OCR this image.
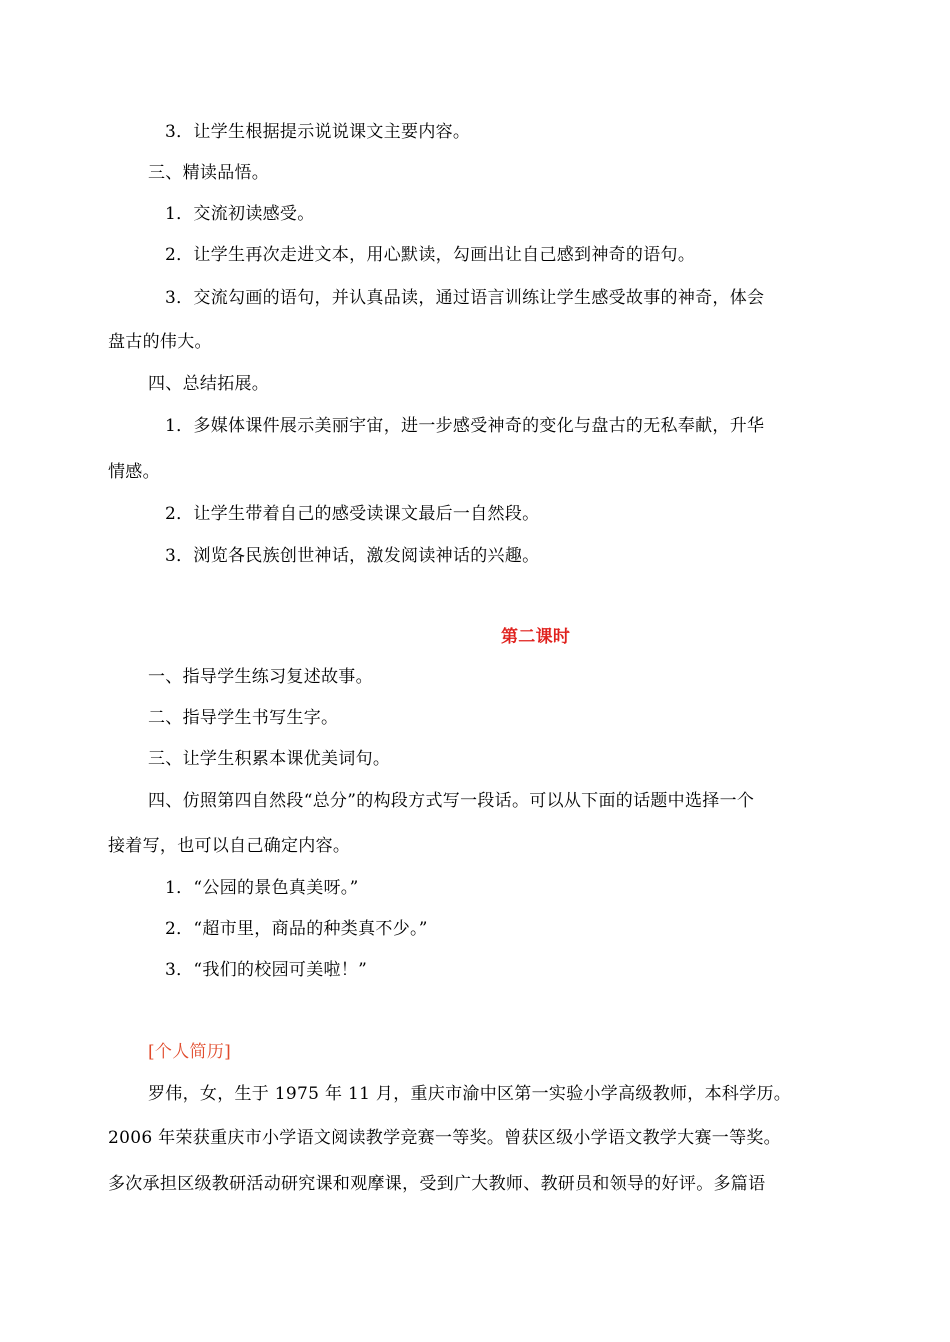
3．让学生根据提示说说课文主要内容。
三、精读品悟。
1．交流初读感受。
2．让学生再次走进文本，用心默读，勾画出让自己感到神奇的语句。
3．交流勾画的语句，并认真品读，通过语言训练让学生感受故事的神奇，体会
盘古的伟大。
四、总结拓展。
1．多媒体课件展示美丽宇宙，进一步感受神奇的变化与盘古的无私奉献，升华
情感。
2．让学生带着自己的感受读课文最后一自然段。
3．浏览各民族创世神话，激发阅读神话的兴趣。
第二课时
一、指导学生练习复述故事。
二、指导学生书写生字。
三、让学生积累本课优美词句。
四、仿照第四自然段“总分”的构段方式写一段话。可以从下面的话题中选择一个
接着写，也可以自己确定内容。
1．“公园的景色真美呀。”
2．“超市里，商品的种类真不少。”
3．“我们的校园可美啦！”
[个人简历]
罗伟，女，生于 1975 年 11 月，重庆市渝中区第一实验小学高级教师，本科学历。
2006 年荣获重庆市小学语文阅读教学竞赛一等奖。曾获区级小学语文教学大赛一等奖。
多次承担区级教研活动研究课和观摩课，受到广大教师、教研员和领导的好评。多篇语
